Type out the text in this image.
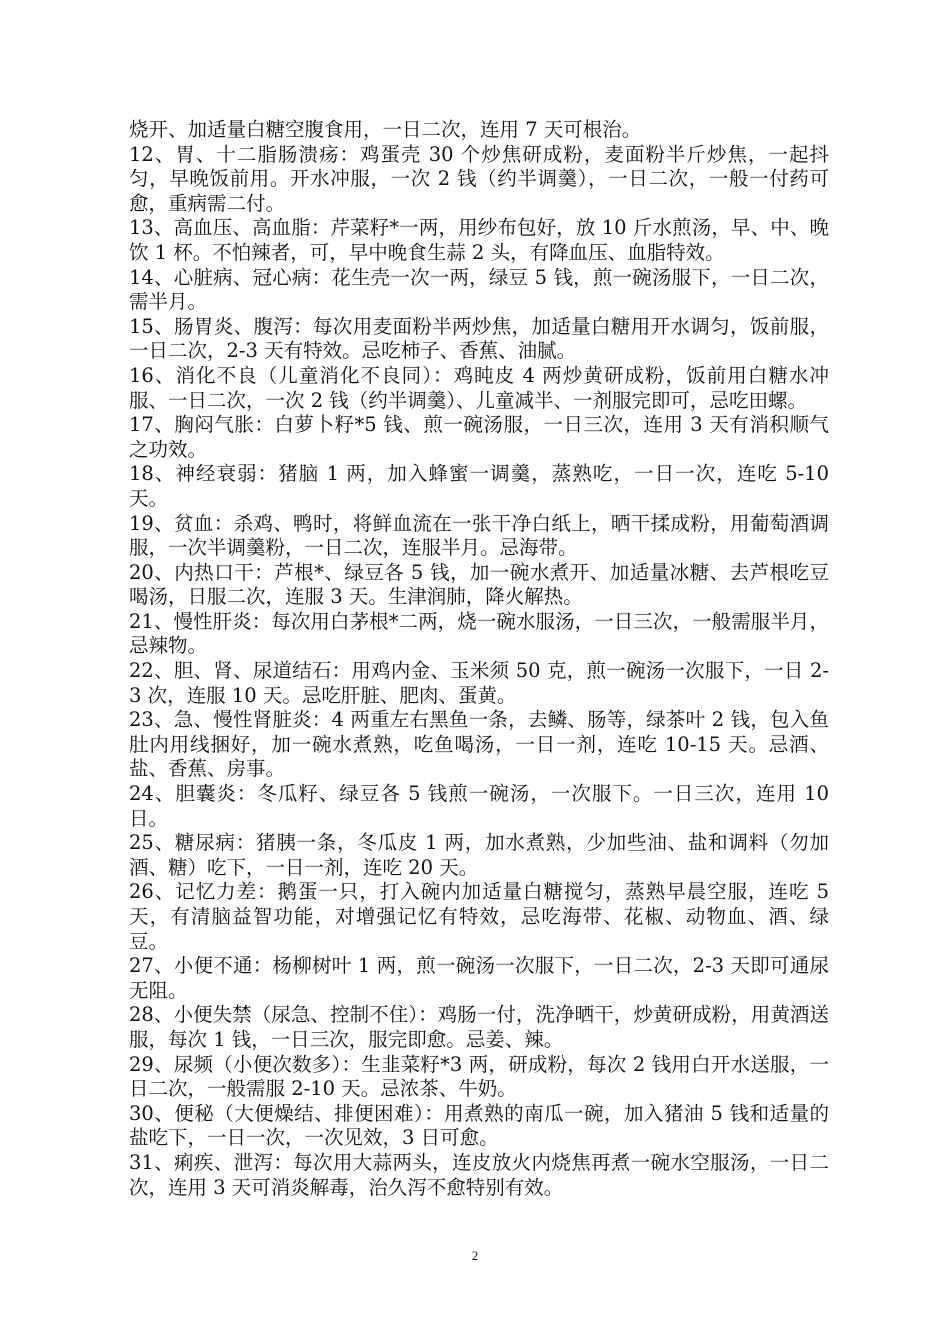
烧开、加适量白糖空腹食用，一日二次，连用 7 天可根治。

12、胃、十二脂肠溃疡：鸡蛋壳 30 个炒焦研成粉，麦面粉半斤炒焦，一起抖匀，早晚饭前用。开水冲服，一次 2 钱（约半调羹），一日二次，一般一付药可愈，重病需二付。

13、高血压、高血脂：芹菜籽*一两，用纱布包好，放 10 斤水煎汤，早、中、晚饮 1 杯。不怕辣者，可，早中晚食生蒜 2 头，有降血压、血脂特效。

14、心脏病、冠心病：花生壳一次一两，绿豆 5 钱，煎一碗汤服下，一日二次，需半月。

15、肠胃炎、腹泻：每次用麦面粉半两炒焦，加适量白糖用开水调匀，饭前服，一日二次，2-3 天有特效。忌吃柿子、香蕉、油腻。

16、消化不良（儿童消化不良同）：鸡盹皮 4 两炒黄研成粉，饭前用白糖水冲服、一日二次，一次 2 钱（约半调羹）、儿童减半、一剂服完即可，忌吃田螺。

17、胸闷气胀：白萝卜籽*5 钱、煎一碗汤服，一日三次，连用 3 天有消积顺气之功效。

18、神经衰弱：猪脑 1 两，加入蜂蜜一调羹，蒸熟吃，一日一次，连吃 5-10 天。

19、贫血：杀鸡、鸭时，将鲜血流在一张干净白纸上，晒干揉成粉，用葡萄酒调服，一次半调羹粉，一日二次，连服半月。忌海带。

20、内热口干：芦根*、绿豆各 5 钱，加一碗水煮开、加适量冰糖、去芦根吃豆喝汤，日服二次，连服 3 天。生津润肺，降火解热。

21、慢性肝炎：每次用白茅根*二两，烧一碗水服汤，一日三次，一般需服半月，忌辣物。

22、胆、肾、尿道结石：用鸡内金、玉米须 50 克，煎一碗汤一次服下，一日 2-3 次，连服 10 天。忌吃肝脏、肥肉、蛋黄。

23、急、慢性肾脏炎：4 两重左右黑鱼一条，去鳞、肠等，绿茶叶 2 钱，包入鱼肚内用线捆好，加一碗水煮熟，吃鱼喝汤，一日一剂，连吃 10-15 天。忌酒、盐、香蕉、房事。

24、胆囊炎：冬瓜籽、绿豆各 5 钱煎一碗汤，一次服下。一日三次，连用 10 日。

25、糖尿病：猪胰一条，冬瓜皮 1 两，加水煮熟，少加些油、盐和调料（勿加酒、糖）吃下，一日一剂，连吃 20 天。

26、记忆力差：鹅蛋一只，打入碗内加适量白糖搅匀，蒸熟早晨空服，连吃 5 天，有清脑益智功能，对增强记忆有特效，忌吃海带、花椒、动物血、酒、绿豆。

27、小便不通：杨柳树叶 1 两，煎一碗汤一次服下，一日二次，2-3 天即可通尿无阻。

28、小便失禁（尿急、控制不住）：鸡肠一付，洗净晒干，炒黄研成粉，用黄酒送服，每次 1 钱，一日三次，服完即愈。忌姜、辣。

29、尿频（小便次数多）：生韭菜籽*3 两，研成粉，每次 2 钱用白开水送服，一日二次，一般需服 2-10 天。忌浓茶、牛奶。

30、便秘（大便燥结、排便困难）：用煮熟的南瓜一碗，加入猪油 5 钱和适量的盐吃下，一日一次，一次见效，3 日可愈。

31、痢疾、泄泻：每次用大蒜两头，连皮放火内烧焦再煮一碗水空服汤，一日二次，连用 3 天可消炎解毒，治久泻不愈特别有效。

2
